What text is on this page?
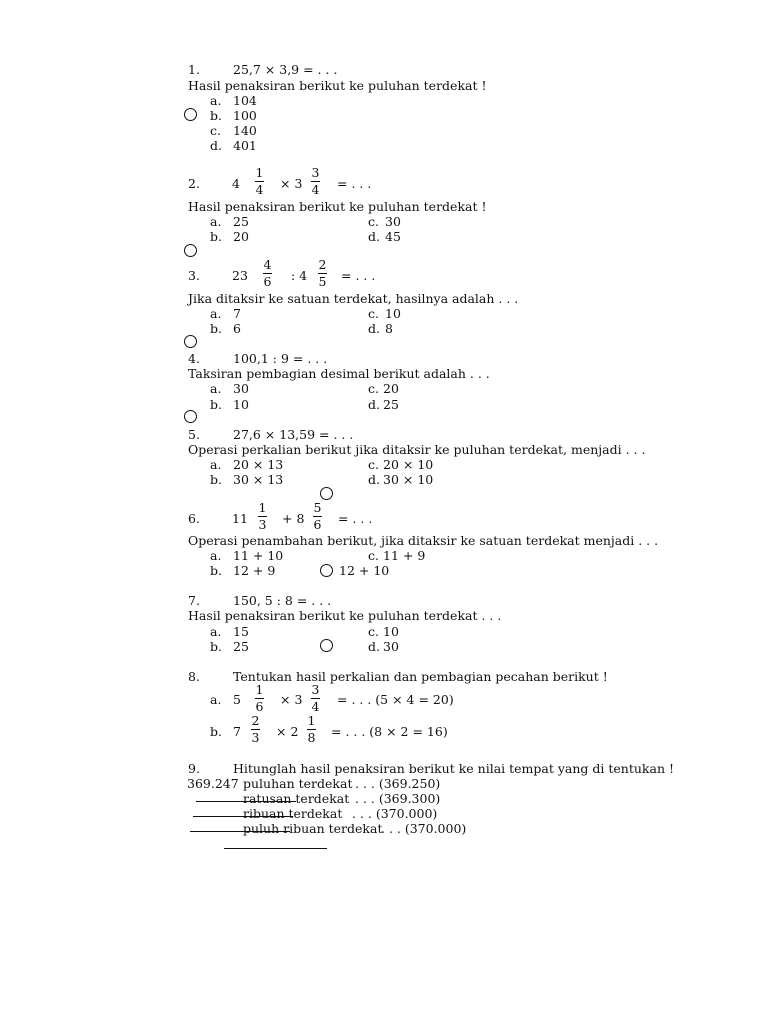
1.	25,7 × 3,9 = . . .
Hasil penaksiran berikut ke puluhan terdekat !
a. 104
b. 100
c. 140
d. 401
2.	4
1
4 × 3
3
4 = . . .
Hasil penaksiran berikut ke puluhan terdekat !
a. 25
b. 20
c. 30
d. 45
3.	23
4
6 : 4
2
5 = . . .
Jika ditaksir ke satuan terdekat, hasilnya adalah . . .
a. 7
b. 6
c. 10
d. 8
4.	100,1 : 9 = . . .
Taksiran pembagian desimal berikut adalah . . .
a. 30
b. 10
c. 20
d. 25
5.	27,6 × 13,59 = . . .
Operasi perkalian berikut jika ditaksir ke puluhan terdekat, menjadi . . .
a. 20 × 13
b. 30 × 13
c. 20 × 10
d. 30 × 10
6.	11
1
3 + 8
5
6 = . . .
Operasi penambahan berikut, jika ditaksir ke satuan terdekat menjadi . . .
a. 11 + 10
b. 12 + 9
c. 11 + 9
12 + 10
7.	150, 5 : 8 = . . .
Hasil penaksiran berikut ke puluhan terdekat . . .
a. 15
b. 25
c. 10
d. 30
8.	Tentukan hasil perkalian dan pembagian pecahan berikut !
a. 5
1
6 × 3
3
4 = . . . (5 × 4 = 20)
b. 7
2
3 × 2
1
8 = . . . (8 × 2 = 16)
9.	Hitunglah hasil penaksiran berikut ke nilai tempat yang di tentukan !
369.247 puluhan terdekat . . . (369.250)
ratusan terdekat . . . (369.300)
ribuan terdekat . . . (370.000)
puluh ribuan terdekat
. . . (370.000)
